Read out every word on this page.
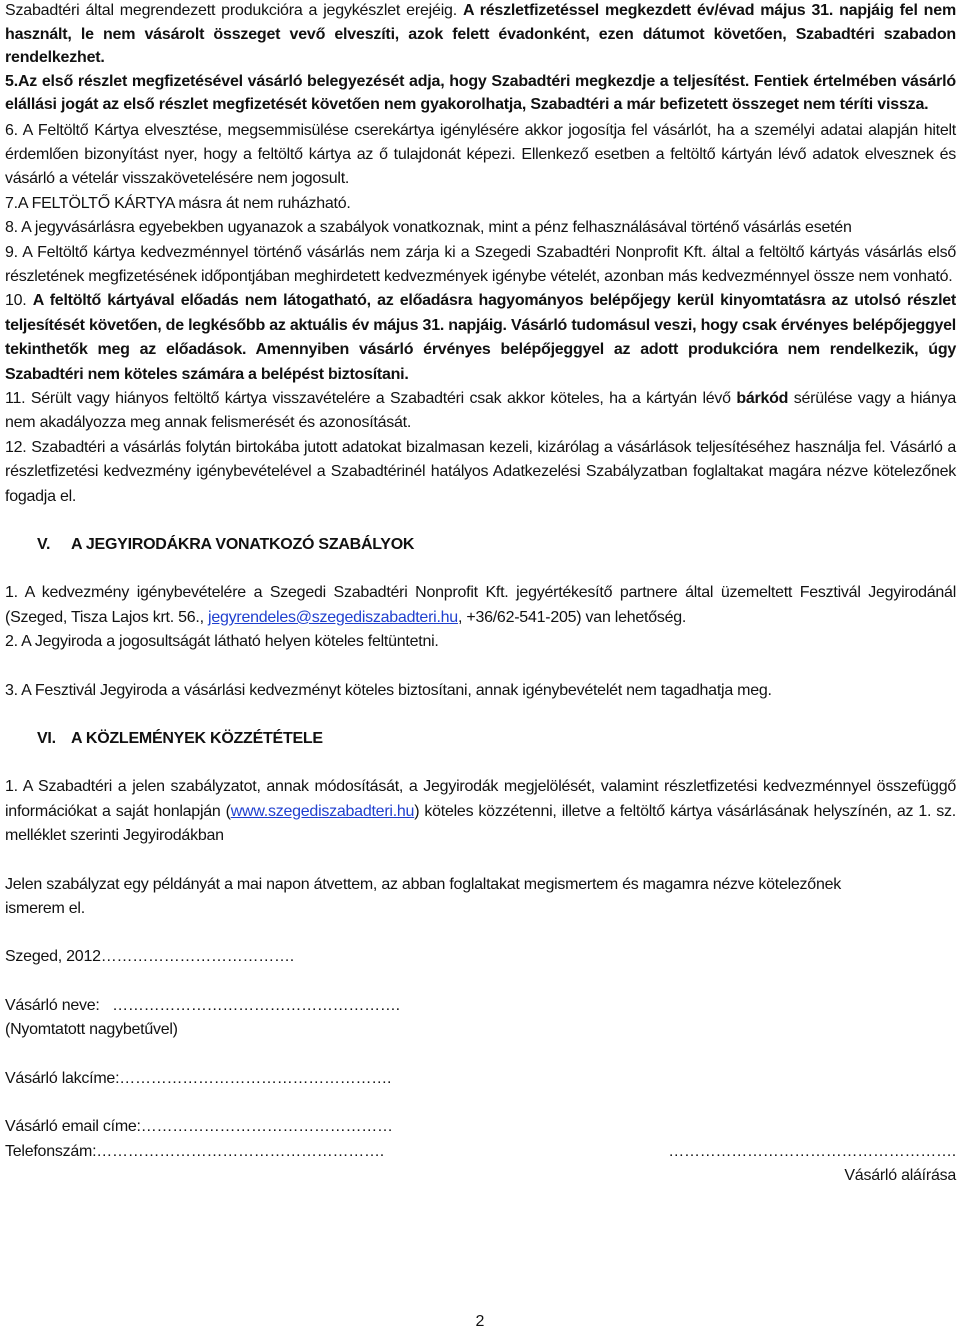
Szabadtéri által megrendezett produkcióra a jegykészlet erejéig. A részletfizetéssel megkezdett év/évad május 31. napjáig fel nem használt, le nem vásárolt összeget vevő elveszíti, azok felett évadonként, ezen dátumot követően, Szabadtéri szabadon rendelkezhet.

5.Az első részlet megfizetésével vásárló belegyezését adja, hogy Szabadtéri megkezdje a teljesítést. Fentiek értelmében vásárló elállási jogát az első részlet megfizetését követően nem gyakorolhatja, Szabadtéri a már befizetett összeget nem téríti vissza.

6. A Feltöltő Kártya elvesztése, megsemmisülése cserekártya igénylésére akkor jogosítja fel vásárlót, ha a személyi adatai alapján hitelt érdemlően bizonyítást nyer, hogy a feltöltő kártya az ő tulajdonát képezi. Ellenkező esetben a feltöltő kártyán lévő adatok elvesznek és vásárló a vételár visszakövetelésére nem jogosult.

7.A FELTÖLTŐ KÁRTYA másra át nem ruházható.

8. A jegyvásárlásra egyebekben ugyanazok a szabályok vonatkoznak, mint a pénz felhasználásával történő vásárlás esetén

9. A Feltöltő kártya kedvezménnyel történő vásárlás nem zárja ki a Szegedi Szabadtéri Nonprofit Kft. által a feltöltő kártyás vásárlás első részletének megfizetésének időpontjában meghirdetett kedvezmények igénybe vételét, azonban más kedvezménnyel össze nem vonható.

10. A feltöltő kártyával előadás nem látogatható, az előadásra hagyományos belépőjegy kerül kinyomtatásra az utolsó részlet teljesítését követően, de legkésőbb az aktuális év május 31. napjáig. Vásárló tudomásul veszi, hogy csak érvényes belépőjeggyel tekinthetők meg az előadások. Amennyiben vásárló érvényes belépőjeggyel az adott produkcióra nem rendelkezik, úgy Szabadtéri nem köteles számára a belépést biztosítani.

11. Sérült vagy hiányos feltöltő kártya visszavételére a Szabadtéri csak akkor köteles, ha a kártyán lévő bárkód sérülése vagy a hiánya nem akadályozza meg annak felismerését és azonosítását.

12. Szabadtéri a vásárlás folytán birtokába jutott adatokat bizalmasan kezeli, kizárólag a vásárlások teljesítéséhez használja fel. Vásárló a részletfizetési kedvezmény igénybevételével a Szabadtérinél hatályos Adatkezelési Szabályzatban foglaltakat magára nézve kötelezőnek fogadja el.

V. A JEGYIRODÁKRA VONATKOZÓ SZABÁLYOK

1. A kedvezmény igénybevételére a Szegedi Szabadtéri Nonprofit Kft. jegyértékesítő partnere által üzemeltett Fesztivál Jegyirodánál (Szeged, Tisza Lajos krt. 56., jegyrendeles@szegediszabadteri.hu, +36/62-541-205) van lehetőség.

2. A Jegyiroda a jogosultságát látható helyen köteles feltüntetni.

3. A Fesztivál Jegyiroda a vásárlási kedvezményt köteles biztosítani, annak igénybevételét nem tagadhatja meg.

VI. A KÖZLEMÉNYEK KÖZZÉTÉTELE

1. A Szabadtéri a jelen szabályzatot, annak módosítását, a Jegyirodák megjelölését, valamint részletfizetési kedvezménnyel összefüggő információkat a saját honlapján (www.szegediszabadteri.hu) köteles közzétenni, illetve a feltöltő kártya vásárlásának helyszínén, az 1. sz. melléklet szerinti Jegyirodákban

Jelen szabályzat egy példányát a mai napon átvettem, az abban foglaltakat megismertem és magamra nézve kötelezőnek ismerem el.

Szeged, 2012……………………………….

Vásárló neve:   ……………………………………………….

(Nyomtatott nagybetűvel)

Vásárló lakcíme:…………………………………………….

Vásárló email címe:…………………………………………

Telefonszám:……………………………………………….	……………………………………………….
Vásárló aláírása
2
